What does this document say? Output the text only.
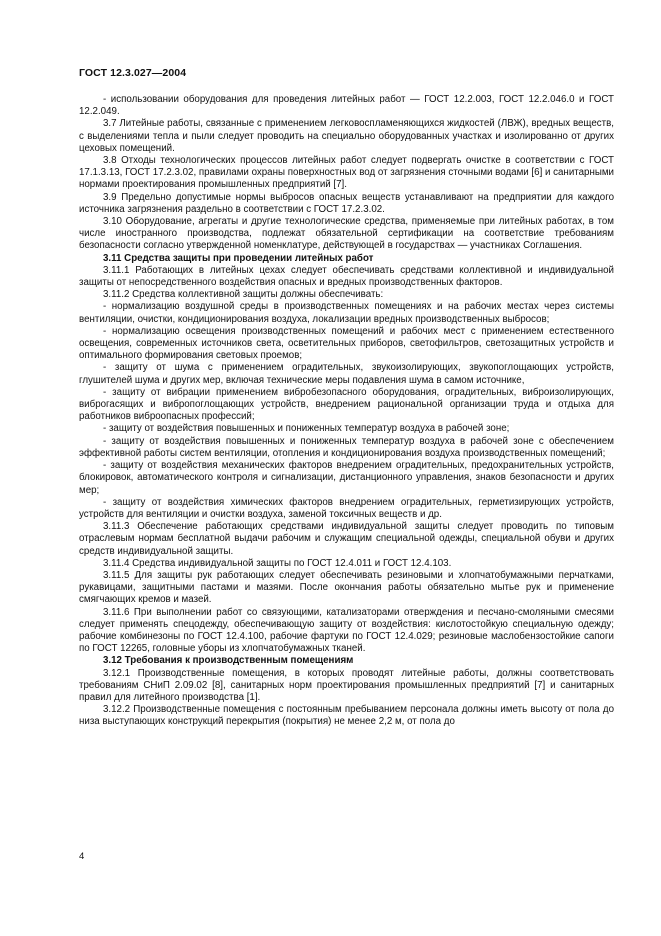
ГОСТ 12.3.027—2004

- использовании оборудования для проведения литейных работ — ГОСТ 12.2.003, ГОСТ 12.2.046.0 и ГОСТ 12.2.049.

3.7 Литейные работы, связанные с применением легковоспламеняющихся жидкостей (ЛВЖ), вредных веществ, с выделениями тепла и пыли следует проводить на специально оборудованных участках и изолированно от других цеховых помещений.

3.8 Отходы технологических процессов литейных работ следует подвергать очистке в соответствии с ГОСТ 17.1.3.13, ГОСТ 17.2.3.02, правилами охраны поверхностных вод от загрязнения сточными водами [6] и санитарными нормами проектирования промышленных предприятий [7].

3.9 Предельно допустимые нормы выбросов опасных веществ устанавливают на предприятии для каждого источника загрязнения раздельно в соответствии с ГОСТ 17.2.3.02.

3.10 Оборудование, агрегаты и другие технологические средства, применяемые при литейных работах, в том числе иностранного производства, подлежат обязательной сертификации на соответствие требованиям безопасности согласно утвержденной номенклатуре, действующей в государствах — участниках Соглашения.

3.11 Средства защиты при проведении литейных работ

3.11.1 Работающих в литейных цехах следует обеспечивать средствами коллективной и индивидуальной защиты от непосредственного воздействия опасных и вредных производственных факторов.

3.11.2 Средства коллективной защиты должны обеспечивать:

- нормализацию воздушной среды в производственных помещениях и на рабочих местах через системы вентиляции, очистки, кондиционирования воздуха, локализации вредных производственных выбросов;

- нормализацию освещения производственных помещений и рабочих мест с применением естественного освещения, современных источников света, осветительных приборов, светофильтров, светозащитных устройств и оптимального формирования световых проемов;

- защиту от шума с применением оградительных, звукоизолирующих, звукопоглощающих устройств, глушителей шума и других мер, включая технические меры подавления шума в самом источнике,

- защиту от вибрации применением вибробезопасного оборудования, оградительных, виброизолирующих, виброгасящих и вибропоглощающих устройств, внедрением рациональной организации труда и отдыха для работников виброопасных профессий;

- защиту от воздействия повышенных и пониженных температур воздуха в рабочей зоне;

- защиту от воздействия повышенных и пониженных температур воздуха в рабочей зоне с обеспечением эффективной работы систем вентиляции, отопления и кондиционирования воздуха производственных помещений;

- защиту от воздействия механических факторов внедрением оградительных, предохранительных устройств, блокировок, автоматического контроля и сигнализации, дистанционного управления, знаков безопасности и других мер;

- защиту от воздействия химических факторов внедрением оградительных, герметизирующих устройств, устройств для вентиляции и очистки воздуха, заменой токсичных веществ и др.

3.11.3 Обеспечение работающих средствами индивидуальной защиты следует проводить по типовым отраслевым нормам бесплатной выдачи рабочим и служащим специальной одежды, специальной обуви и других средств индивидуальной защиты.

3.11.4 Средства индивидуальной защиты по ГОСТ 12.4.011 и ГОСТ 12.4.103.

3.11.5 Для защиты рук работающих следует обеспечивать резиновыми и хлопчатобумажными перчатками, рукавицами, защитными пастами и мазями. После окончания работы обязательно мытье рук и применение смягчающих кремов и мазей.

3.11.6 При выполнении работ со связующими, катализаторами отверждения и песчано-смоляными смесями следует применять спецодежду, обеспечивающую защиту от воздействия: кислотостойкую специальную одежду; рабочие комбинезоны по ГОСТ 12.4.100, рабочие фартуки по ГОСТ 12.4.029; резиновые маслобензостойкие сапоги по ГОСТ 12265, головные уборы из хлопчатобумажных тканей.

3.12 Требования к производственным помещениям

3.12.1 Производственные помещения, в которых проводят литейные работы, должны соответствовать требованиям СНиП 2.09.02 [8], санитарных норм проектирования промышленных предприятий [7] и санитарных правил для литейного производства [1].

3.12.2 Производственные помещения с постоянным пребыванием персонала должны иметь высоту от пола до низа выступающих конструкций перекрытия (покрытия) не менее 2,2 м, от пола до

4
